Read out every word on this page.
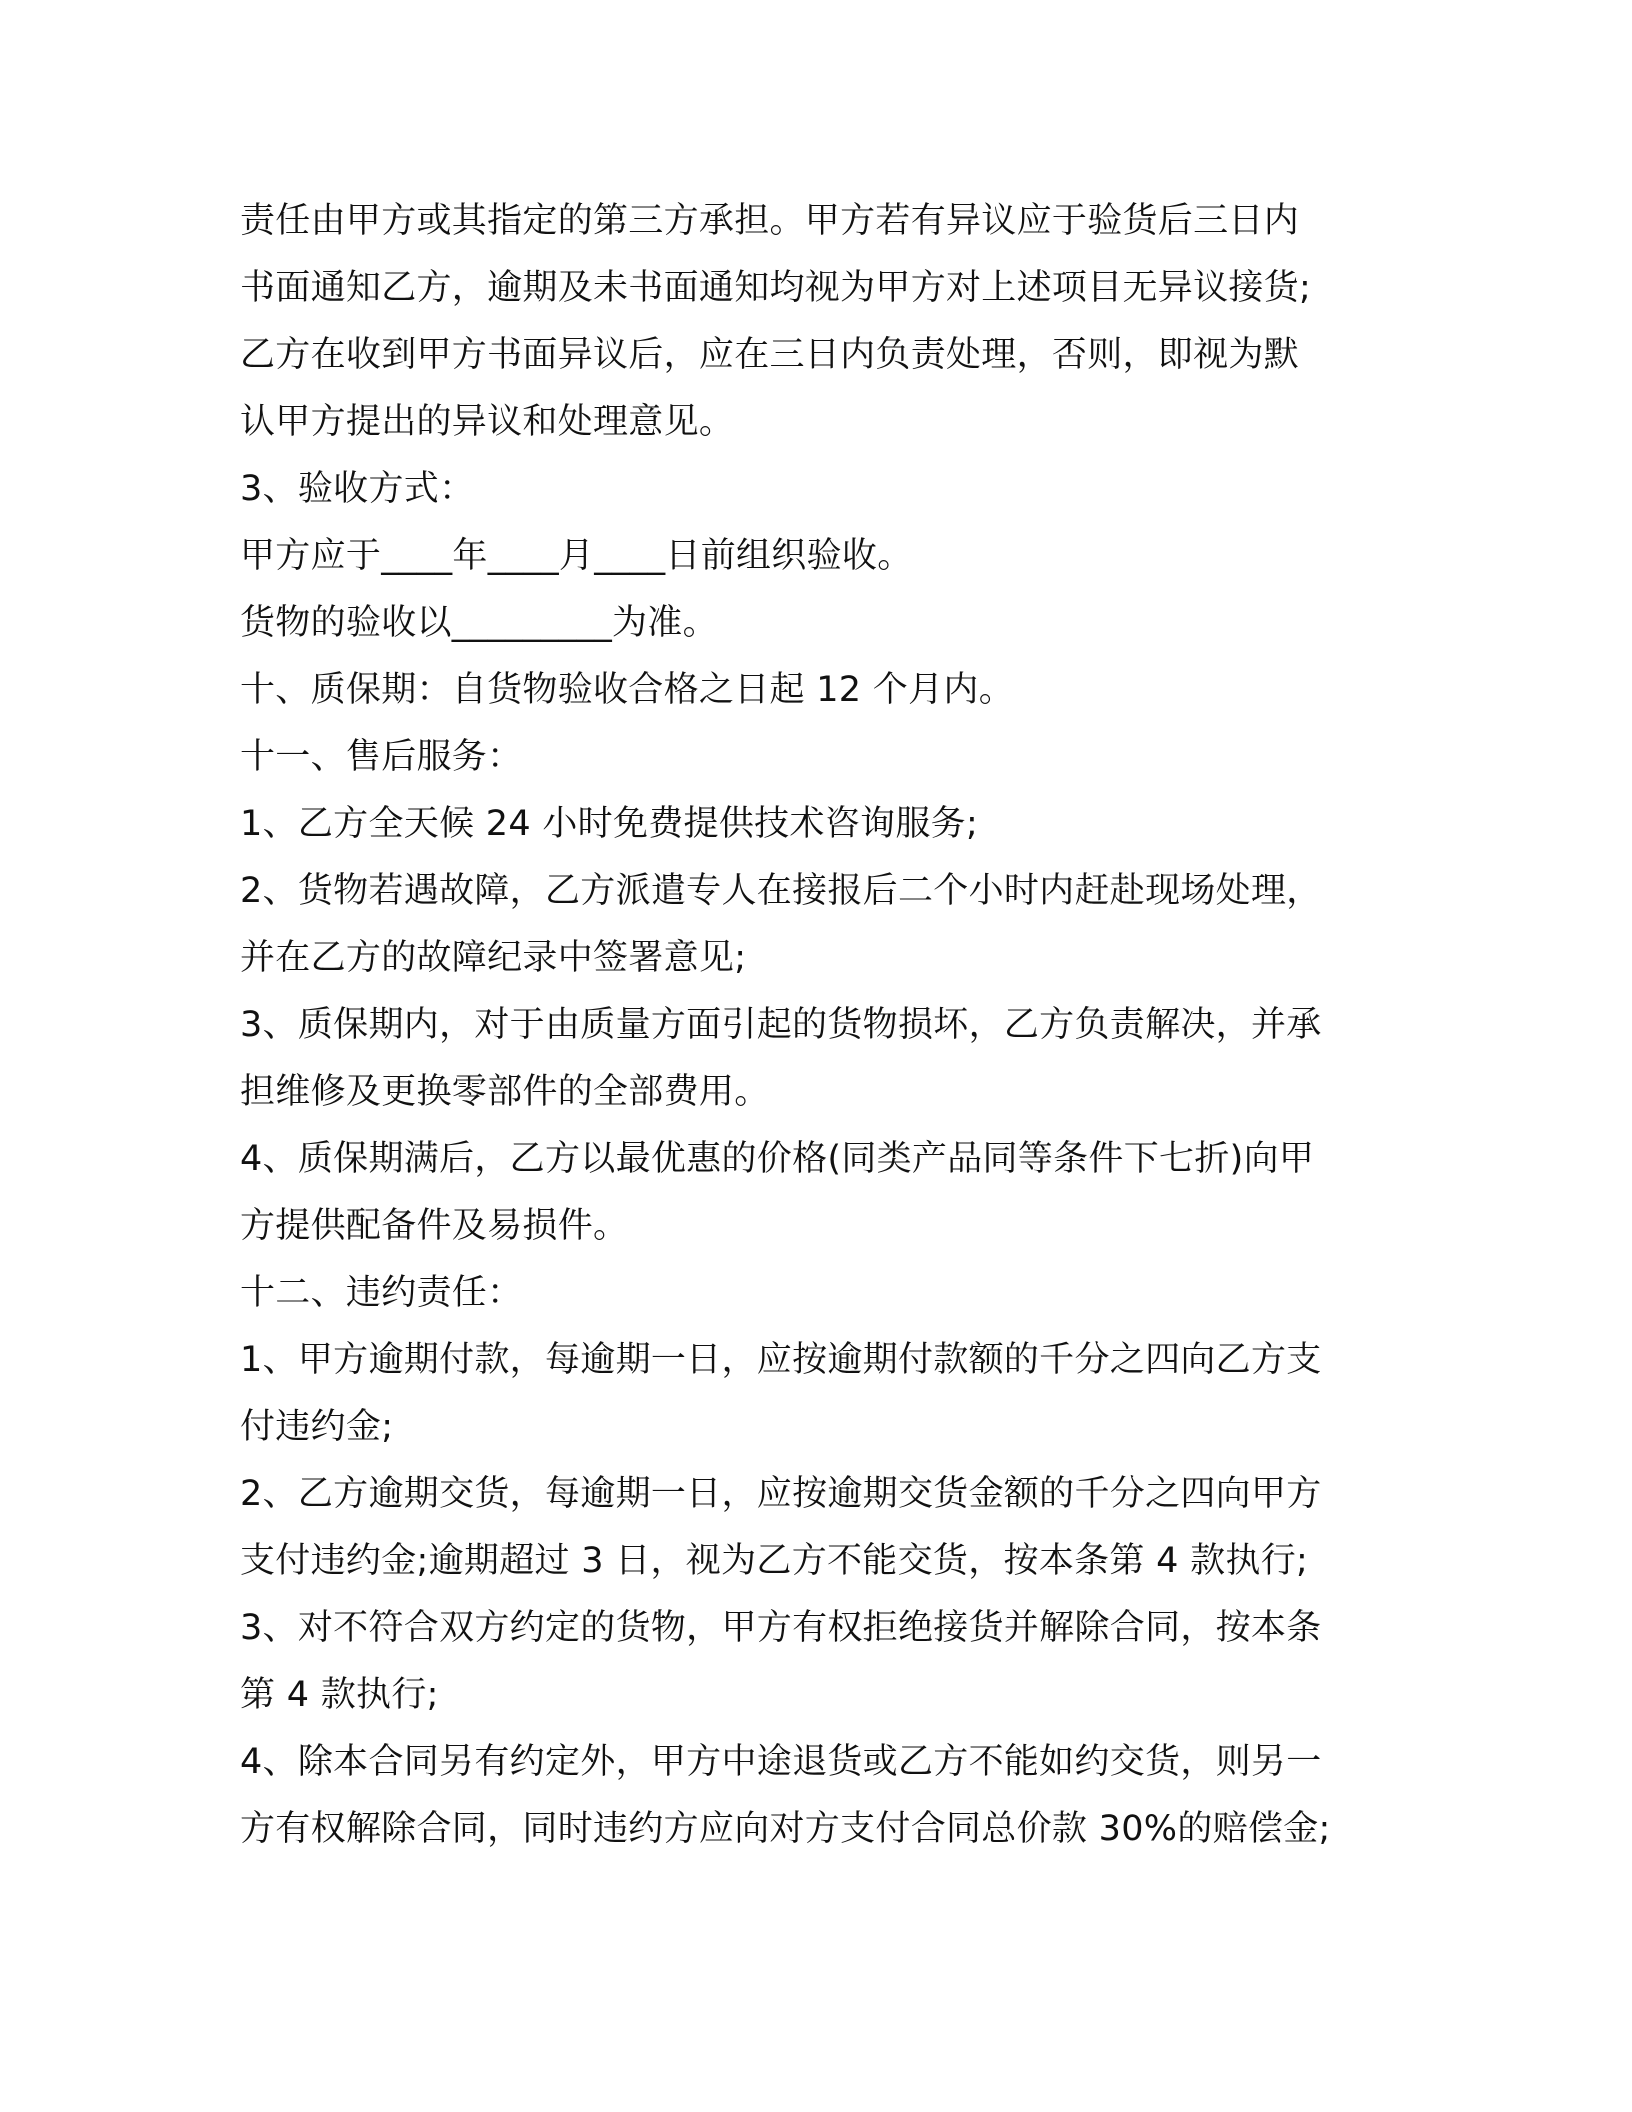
责任由甲方或其指定的第三方承担。甲方若有异议应于验货后三日内
书面通知乙方，逾期及未书面通知均视为甲方对上述项目无异议接货;
乙方在收到甲方书面异议后，应在三日内负责处理，否则，即视为默
认甲方提出的异议和处理意见。
3、验收方式：
甲方应于____年____月____日前组织验收。
货物的验收以_________为准。
十、质保期：自货物验收合格之日起 12 个月内。
十一、售后服务：
1、乙方全天候 24 小时免费提供技术咨询服务;
2、货物若遇故障，乙方派遣专人在接报后二个小时内赶赴现场处理，
并在乙方的故障纪录中签署意见;
3、质保期内，对于由质量方面引起的货物损坏，乙方负责解决，并承
担维修及更换零部件的全部费用。
4、质保期满后，乙方以最优惠的价格(同类产品同等条件下七折)向甲
方提供配备件及易损件。
十二、违约责任：
1、甲方逾期付款，每逾期一日，应按逾期付款额的千分之四向乙方支
付违约金;
2、乙方逾期交货，每逾期一日，应按逾期交货金额的千分之四向甲方
支付违约金;逾期超过 3 日，视为乙方不能交货，按本条第 4 款执行;
3、对不符合双方约定的货物，甲方有权拒绝接货并解除合同，按本条
第 4 款执行;
4、除本合同另有约定外，甲方中途退货或乙方不能如约交货，则另一
方有权解除合同，同时违约方应向对方支付合同总价款 30%的赔偿金;
